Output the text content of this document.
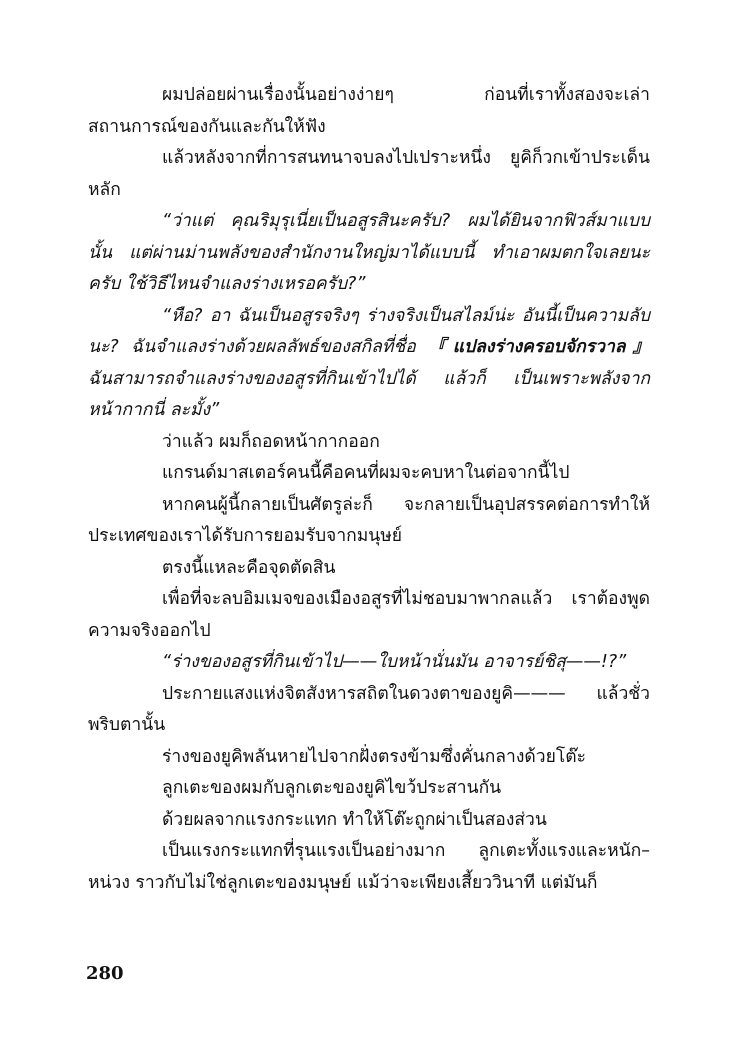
ผมปล่อยผ่านเรื่องนั้นอย่างง่ายๆ ก่อนที่เราทั้งสองจะเล่าสถานการณ์ของกันและกันให้ฟัง

แล้วหลังจากที่การสนทนาจบลงไปเปราะหนึ่ง ยูคิก็วกเข้าประเด็นหลัก

“ว่าแต่ คุณริมุรุเนี่ยเป็นอสูรสินะครับ? ผมได้ยินจากฟิวส์มาแบบนั้น แต่ผ่านม่านพลังของสำนักงานใหญ่มาได้แบบนี้ ทำเอาผมตกใจเลยนะครับ ใช้วิธีไหนจำแลงร่างเหรอครับ?”

“หือ? อา ฉันเป็นอสูรจริงๆ ร่างจริงเป็นสไลม์น่ะ อันนี้เป็นความลับนะ? ฉันจำแลงร่างด้วยผลลัพธ์ของสกิลที่ชื่อ 『แปลงร่างครอบจักรวาล』 ฉันสามารถจำแลงร่างของอสูรที่กินเข้าไปได้ แล้วก็ เป็นเพราะพลังจากหน้ากากนี่ ละมั้ง”

ว่าแล้ว ผมก็ถอดหน้ากากออก

แกรนด์มาสเตอร์คนนี้คือคนที่ผมจะคบหาในต่อจากนี้ไป

หากคนผู้นี้กลายเป็นศัตรูล่ะก็ จะกลายเป็นอุปสรรคต่อการทำให้ประเทศของเราได้รับการยอมรับจากมนุษย์

ตรงนี้แหละคือจุดตัดสิน

เพื่อที่จะลบอิมเมจของเมืองอสูรที่ไม่ชอบมาพากลแล้ว เราต้องพูดความจริงออกไป

“ร่างของอสูรที่กินเข้าไป——ใบหน้านั่นมัน อาจารย์ชิสุ——!?”

ประกายแสงแห่งจิตสังหารสถิตในดวงตาของยูคิ——— แล้วชั่วพริบตานั้น

ร่างของยูคิพลันหายไปจากฝั่งตรงข้ามซึ่งคั่นกลางด้วยโต๊ะ

ลูกเตะของผมกับลูกเตะของยูคิไขว้ประสานกัน

ด้วยผลจากแรงกระแทก ทำให้โต๊ะถูกผ่าเป็นสองส่วน

เป็นแรงกระแทกที่รุนแรงเป็นอย่างมาก ลูกเตะทั้งแรงและหนัก–หน่วง ราวกับไม่ใช่ลูกเตะของมนุษย์ แม้ว่าจะเพียงเสี้ยววินาที แต่มันก็

280
